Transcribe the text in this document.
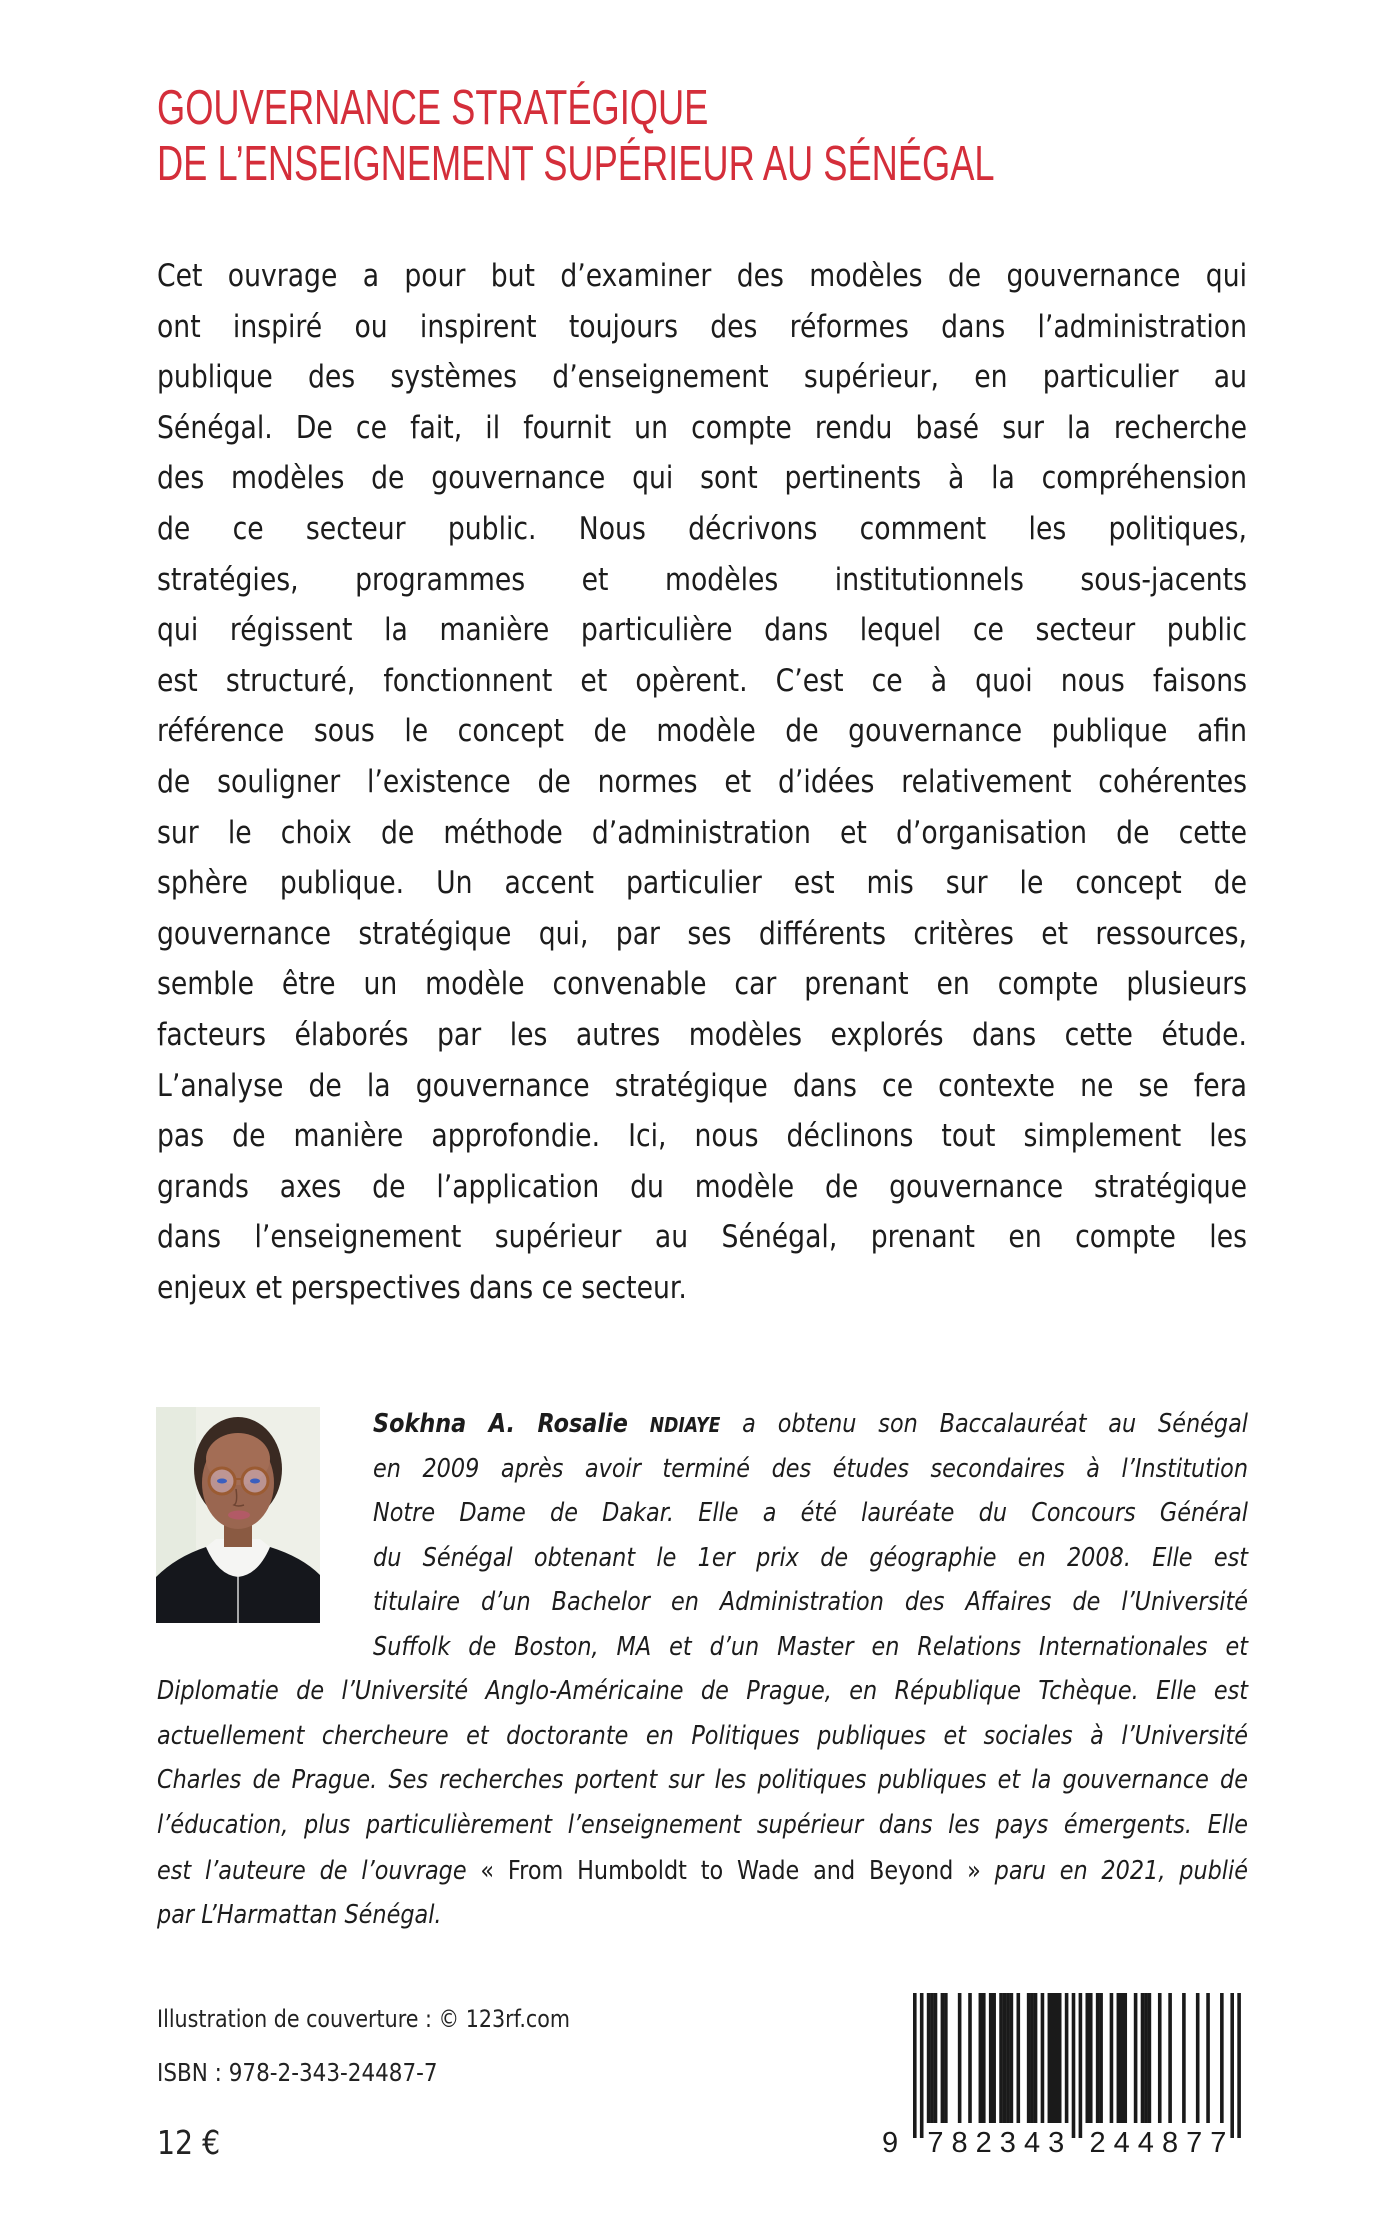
GOUVERNANCE STRATÉGIQUE
DE L’ENSEIGNEMENT SUPÉRIEUR AU SÉNÉGAL
Cet ouvrage a pour but d’examiner des modèles de gouvernance qui
ont inspiré ou inspirent toujours des réformes dans l’administration
publique des systèmes d’enseignement supérieur, en particulier au
Sénégal. De ce fait, il fournit un compte rendu basé sur la recherche
des modèles de gouvernance qui sont pertinents à la compréhension
de ce secteur public. Nous décrivons comment les politiques,
stratégies, programmes et modèles institutionnels sous-jacents
qui régissent la manière particulière dans lequel ce secteur public
est structuré, fonctionnent et opèrent. C’est ce à quoi nous faisons
référence sous le concept de modèle de gouvernance publique afin
de souligner l’existence de normes et d’idées relativement cohérentes
sur le choix de méthode d’administration et d’organisation de cette
sphère publique. Un accent particulier est mis sur le concept de
gouvernance stratégique qui, par ses différents critères et ressources,
semble être un modèle convenable car prenant en compte plusieurs
facteurs élaborés par les autres modèles explorés dans cette étude.
L’analyse de la gouvernance stratégique dans ce contexte ne se fera
pas de manière approfondie. Ici, nous déclinons tout simplement les
grands axes de l’application du modèle de gouvernance stratégique
dans l’enseignement supérieur au Sénégal, prenant en compte les
enjeux et perspectives dans ce secteur.
Sokhna A. Rosalie NDIAYE a obtenu son Baccalauréat au Sénégal
en 2009 après avoir terminé des études secondaires à l’Institution
Notre Dame de Dakar. Elle a été lauréate du Concours Général
du Sénégal obtenant le 1er prix de géographie en 2008. Elle est
titulaire d’un Bachelor en Administration des Affaires de l’Université
Suffolk de Boston, MA et d’un Master en Relations Internationales et
Diplomatie de l’Université Anglo-Américaine de Prague, en République Tchèque. Elle est
actuellement chercheure et doctorante en Politiques publiques et sociales à l’Université
Charles de Prague. Ses recherches portent sur les politiques publiques et la gouvernance de
l’éducation, plus particulièrement l’enseignement supérieur dans les pays émergents. Elle
est l’auteure de l’ouvrage « From Humboldt to Wade and Beyond » paru en 2021, publié
par L’Harmattan Sénégal.
Illustration de couverture : © 123rf.com
ISBN : 978-2-343-24487-7
12 €	9 7 8 2 3 4 3 2 4 4 8 7 7
